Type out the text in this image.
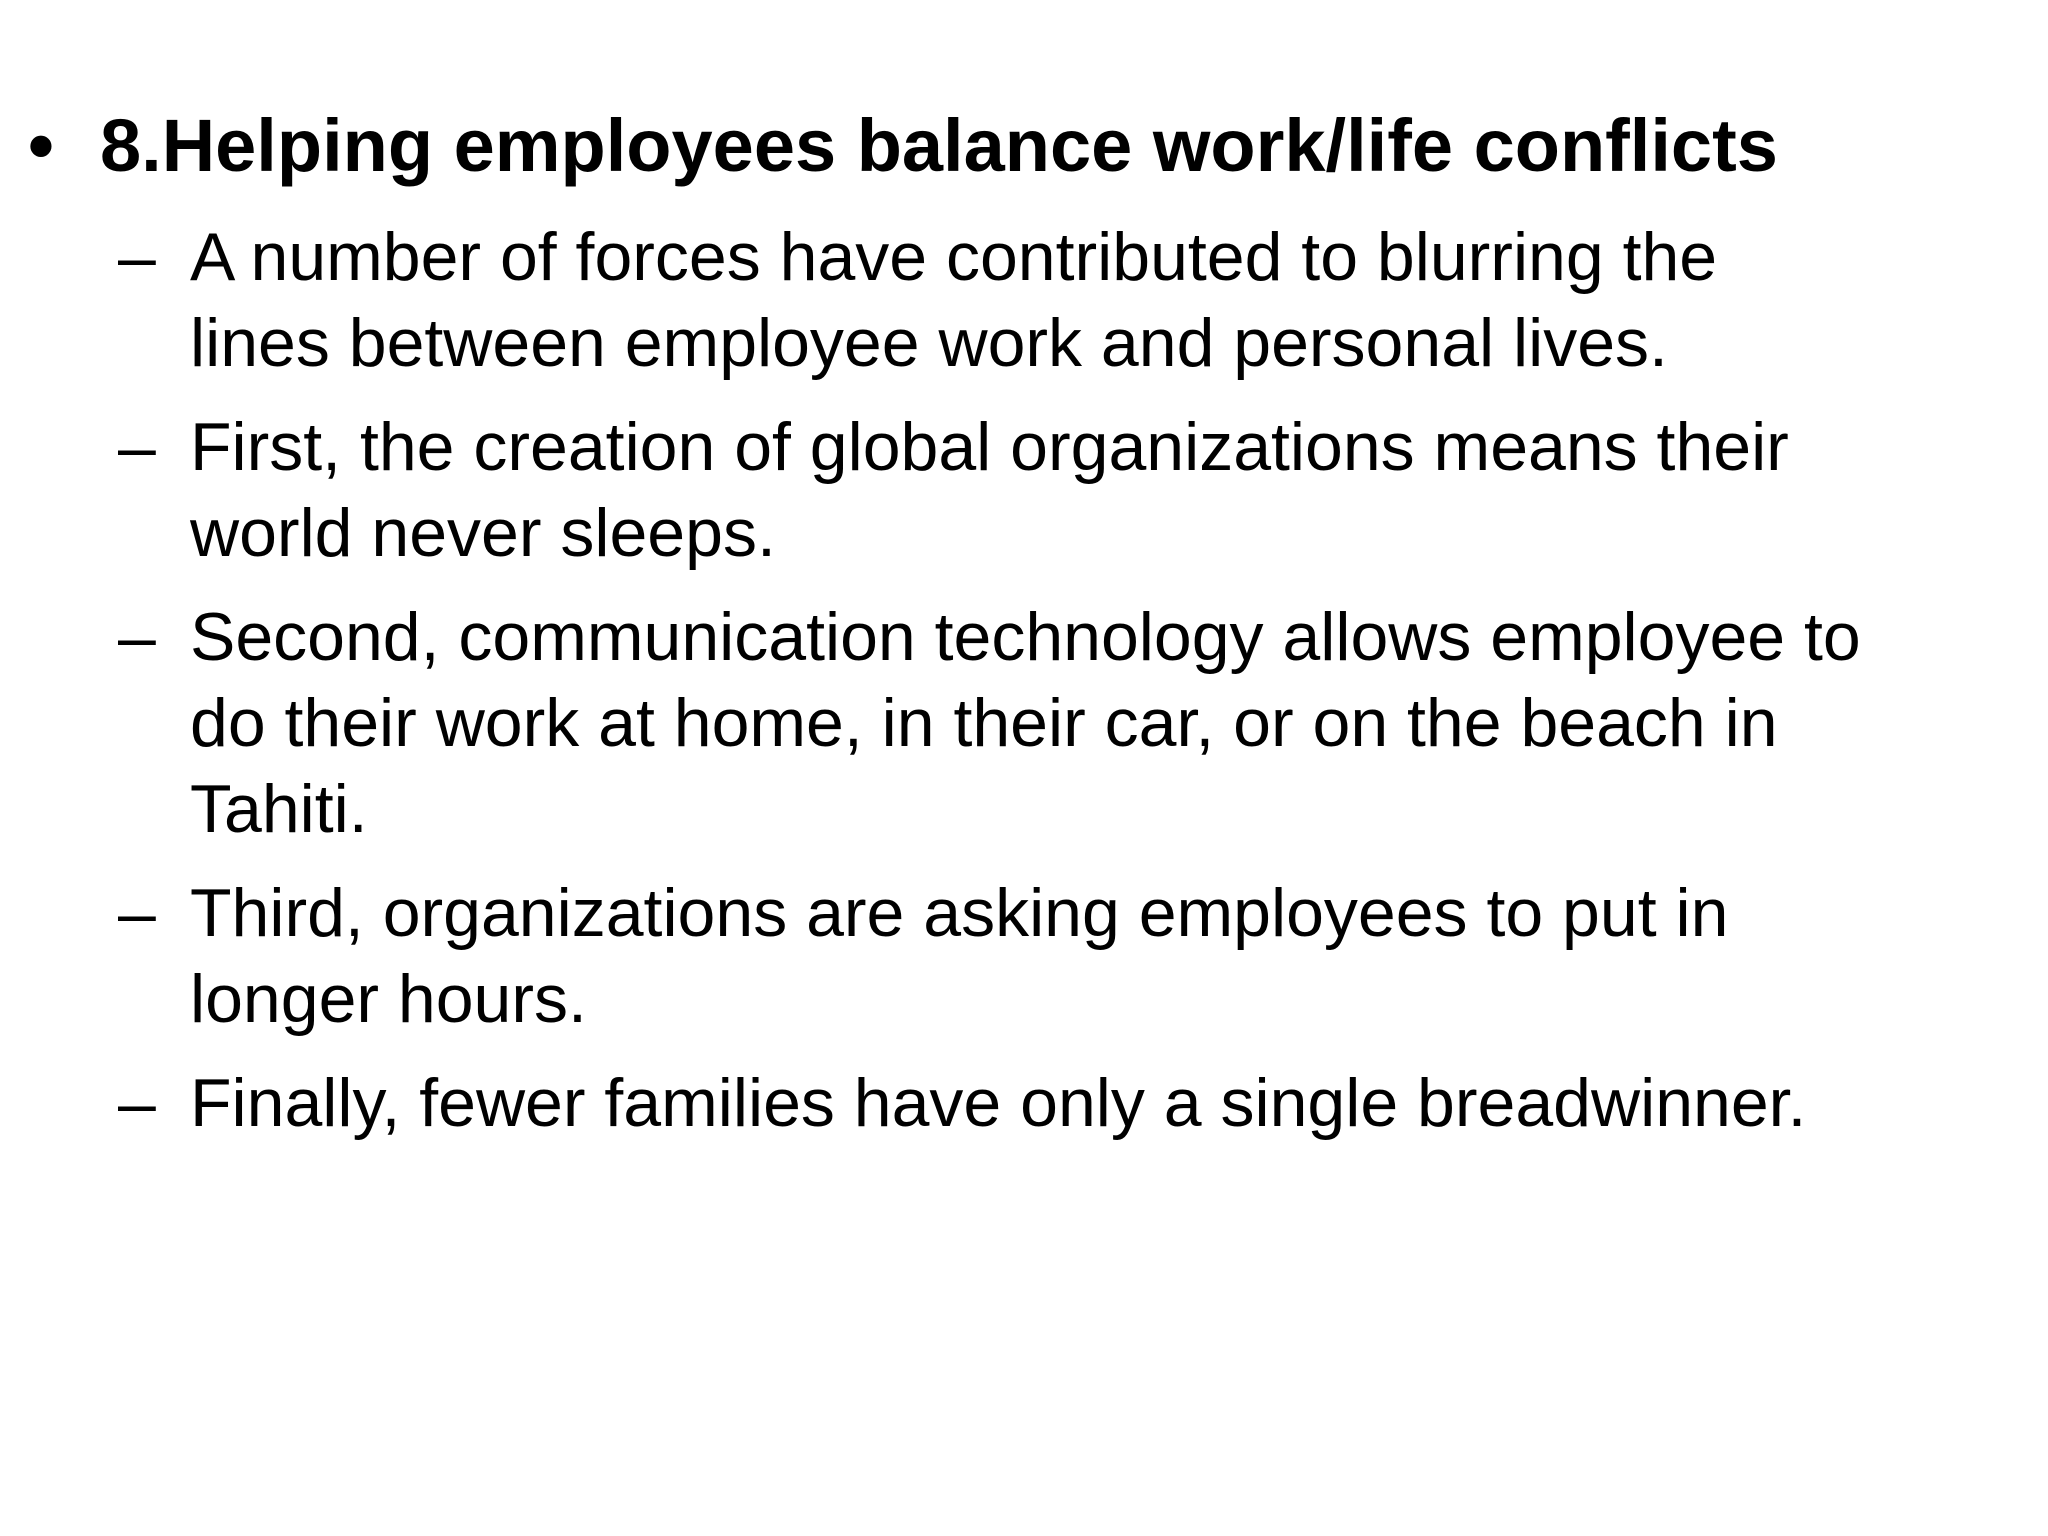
• 8.Helping employees balance work/life conflicts
– A number of forces have contributed to blurring the
lines between employee work and personal lives.
– First, the creation of global organizations means their
world never sleeps.
– Second, communication technology allows employee to
do their work at home, in their car, or on the beach in
Tahiti.
– Third, organizations are asking employees to put in
longer hours.
– Finally, fewer families have only a single breadwinner.
